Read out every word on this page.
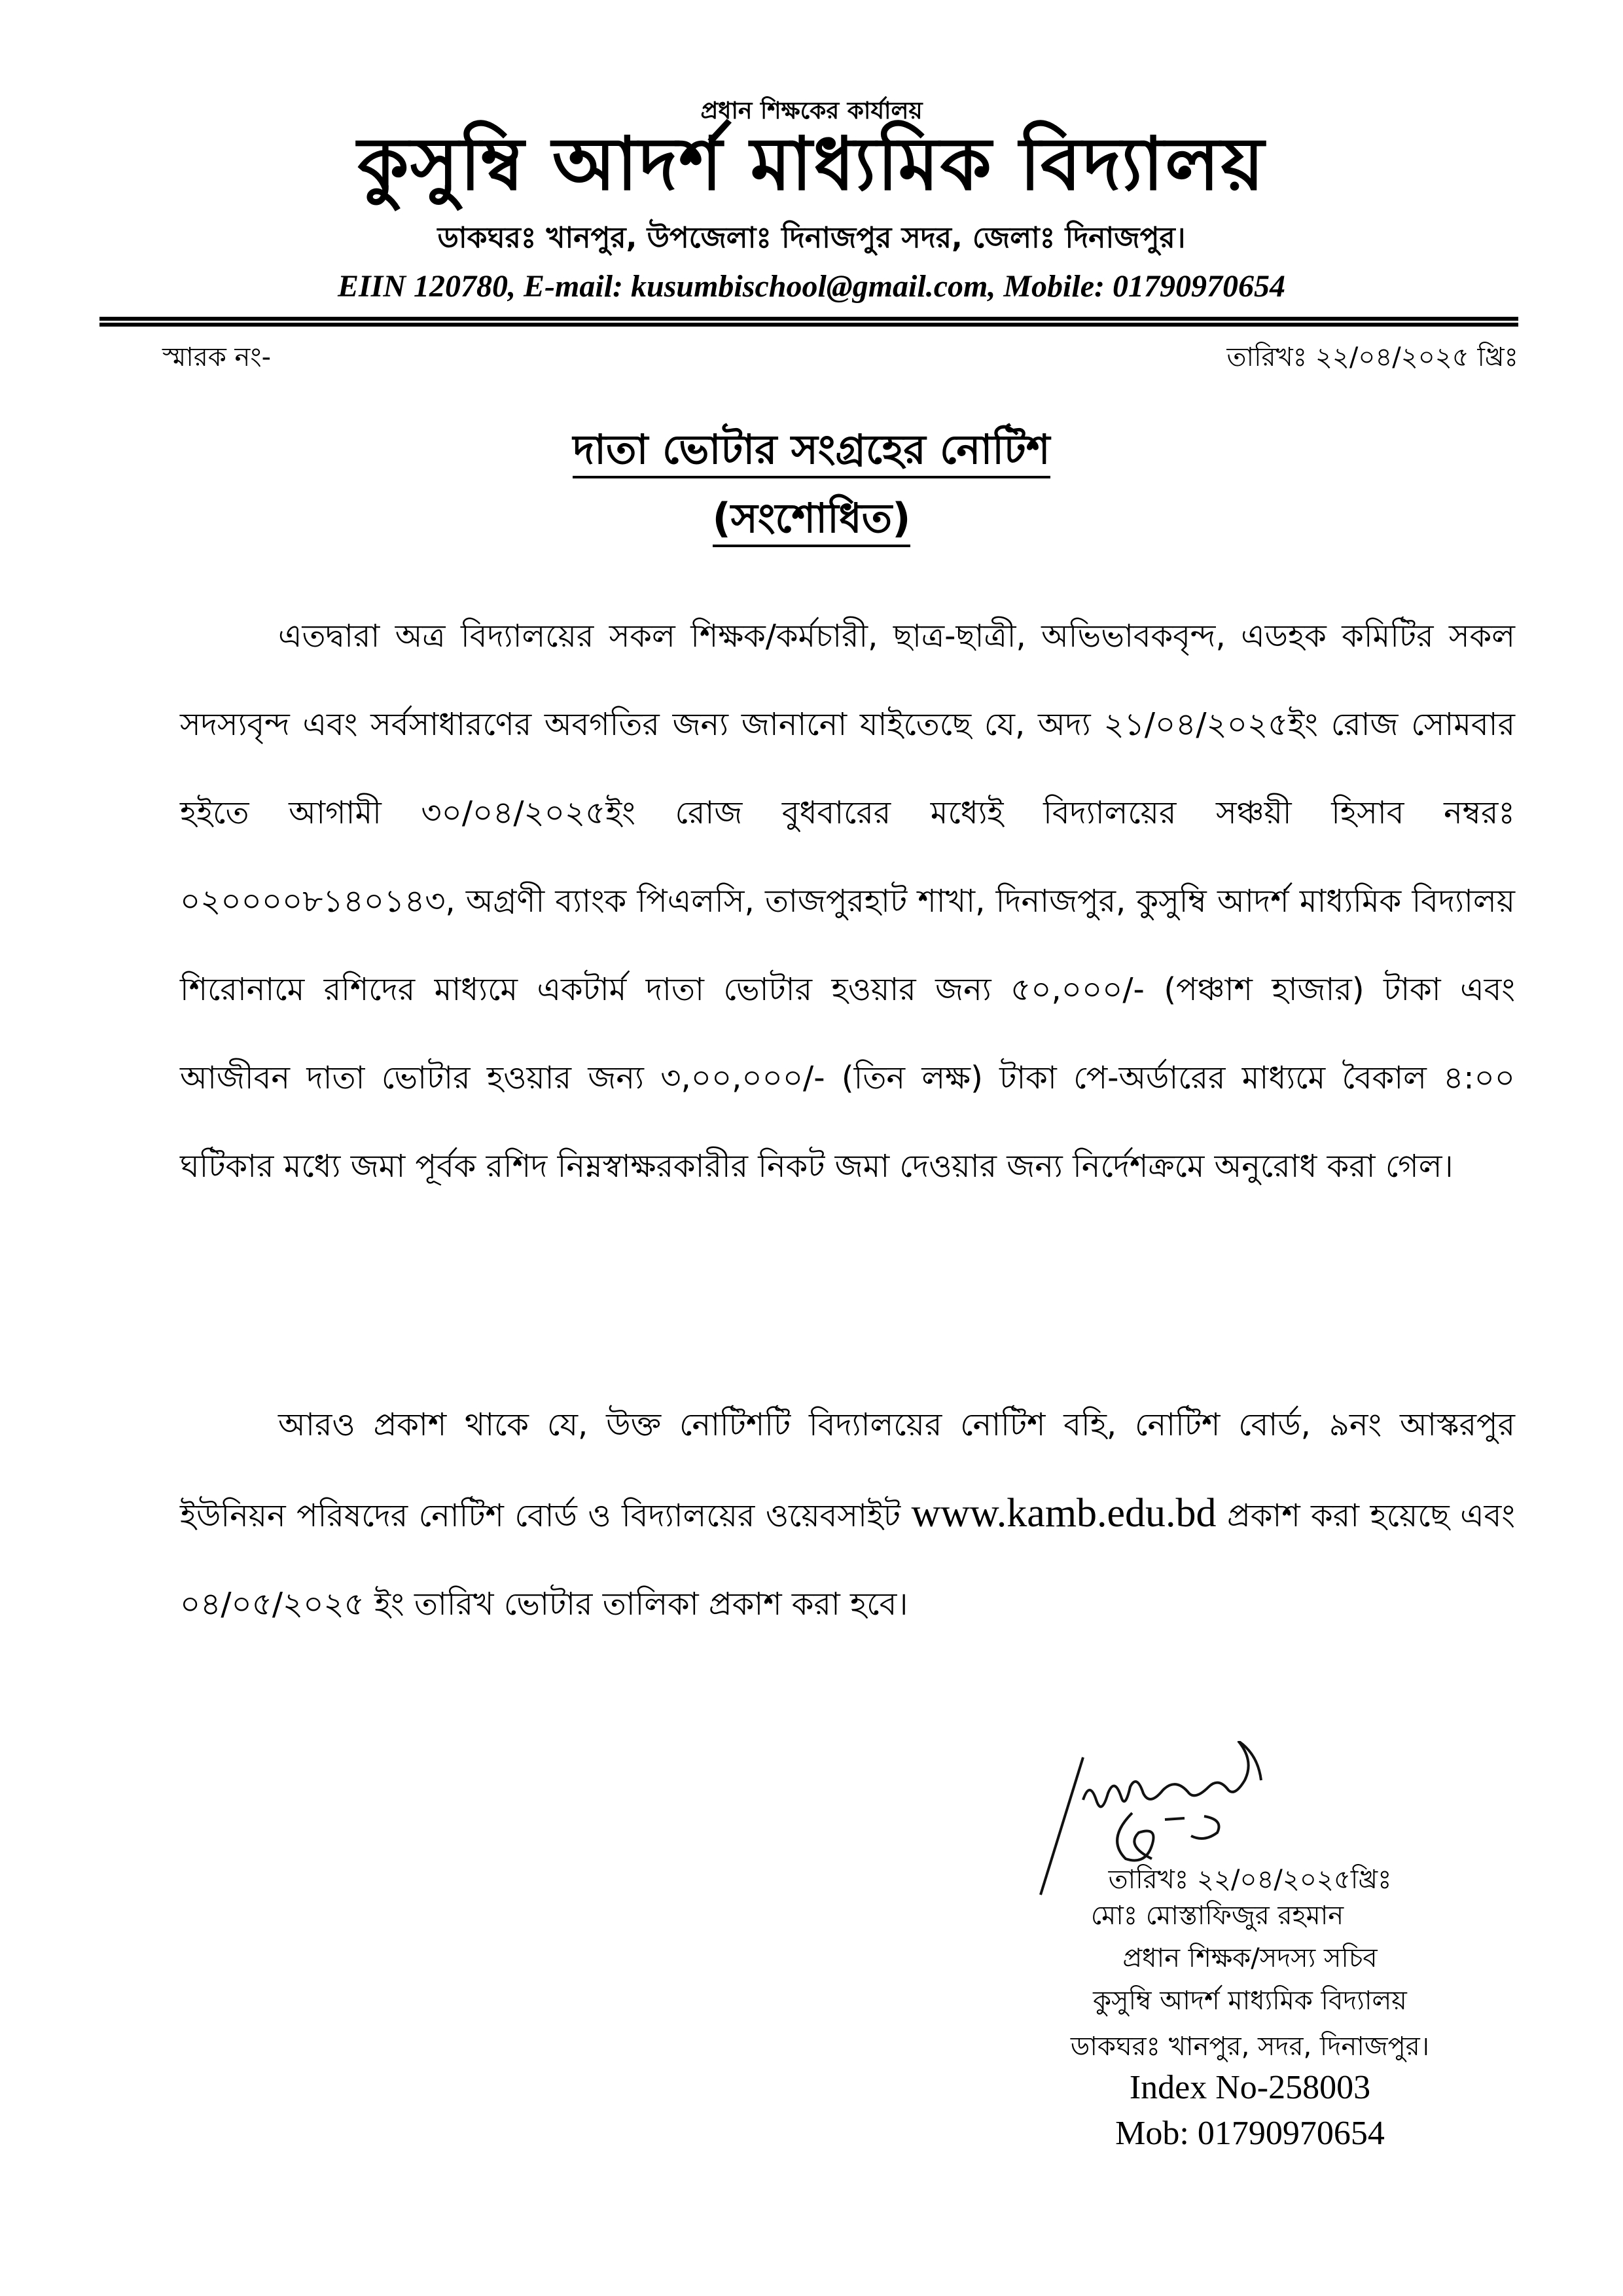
প্রধান শিক্ষকের কার্যালয়
কুসুম্বি আদর্শ মাধ্যমিক বিদ্যালয়
ডাকঘরঃ খানপুর, উপজেলাঃ দিনাজপুর সদর, জেলাঃ দিনাজপুর।
EIIN 120780, E-mail: kusumbischool@gmail.com, Mobile: 01790970654
স্মারক নং-	তারিখঃ ২২/০৪/২০২৫ খ্রিঃ
দাতা ভোটার সংগ্রহের নোটিশ
(সংশোধিত)
এতদ্বারা অত্র বিদ্যালয়ের সকল শিক্ষক/কর্মচারী, ছাত্র-ছাত্রী, অভিভাবকবৃন্দ, এডহক কমিটির সকল সদস্যবৃন্দ এবং সর্বসাধারণের অবগতির জন্য জানানো যাইতেছে যে, অদ্য ২১/০৪/২০২৫ইং রোজ সোমবার হইতে আগামী ৩০/০৪/২০২৫ইং রোজ বুধবারের মধ্যেই বিদ্যালয়ের সঞ্চয়ী হিসাব নম্বরঃ ০২০০০০৮১৪০১৪৩, অগ্রণী ব্যাংক পিএলসি, তাজপুরহাট শাখা, দিনাজপুর, কুসুম্বি আদর্শ মাধ্যমিক বিদ্যালয় শিরোনামে রশিদের মাধ্যমে একটার্ম দাতা ভোটার হওয়ার জন্য ৫০,০০০/- (পঞ্চাশ হাজার) টাকা এবং আজীবন দাতা ভোটার হওয়ার জন্য ৩,০০,০০০/- (তিন লক্ষ) টাকা পে-অর্ডারের মাধ্যমে বৈকাল ৪:০০ ঘটিকার মধ্যে জমা পূর্বক রশিদ নিম্নস্বাক্ষরকারীর নিকট জমা দেওয়ার জন্য নির্দেশক্রমে অনুরোধ করা গেল।
আরও প্রকাশ থাকে যে, উক্ত নোটিশটি বিদ্যালয়ের নোটিশ বহি, নোটিশ বোর্ড, ৯নং আস্করপুর ইউনিয়ন পরিষদের নোটিশ বোর্ড ও বিদ্যালয়ের ওয়েবসাইট www.kamb.edu.bd প্রকাশ করা হয়েছে এবং ০৪/০৫/২০২৫ ইং তারিখ ভোটার তালিকা প্রকাশ করা হবে।
তারিখঃ ২২/০৪/২০২৫খ্রিঃ
মোঃ মোস্তাফিজুর রহমান
প্রধান শিক্ষক/সদস্য সচিব
কুসুম্বি আদর্শ মাধ্যমিক বিদ্যালয়
ডাকঘরঃ খানপুর, সদর, দিনাজপুর।
Index No-258003
Mob: 01790970654
